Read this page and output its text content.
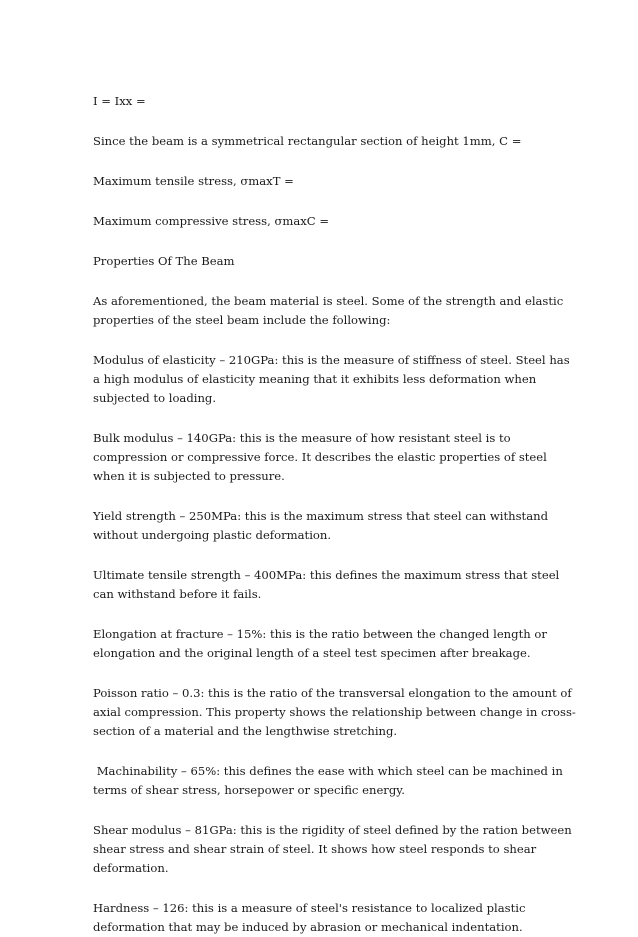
I = Ixx =

Since the beam is a symmetrical rectangular section of height 1mm, C =

Maximum tensile stress, σmaxT =

Maximum compressive stress, σmaxC =

Properties Of The Beam

As aforementioned, the beam material is steel. Some of the strength and elastic properties of the steel beam include the following:

Modulus of elasticity – 210GPa: this is the measure of stiffness of steel. Steel has a high modulus of elasticity meaning that it exhibits less deformation when subjected to loading.

Bulk modulus – 140GPa: this is the measure of how resistant steel is to compression or compressive force. It describes the elastic properties of steel when it is subjected to pressure.

Yield strength – 250MPa: this is the maximum stress that steel can withstand without undergoing plastic deformation.

Ultimate tensile strength – 400MPa: this defines the maximum stress that steel can withstand before it fails.

Elongation at fracture – 15%: this is the ratio between the changed length or elongation and the original length of a steel test specimen after breakage.

Poisson ratio – 0.3: this is the ratio of the transversal elongation to the amount of axial compression. This property shows the relationship between change in cross-section of a material and the lengthwise stretching.

Machinability – 65%: this defines the ease with which steel can be machined in terms of shear stress, horsepower or specific energy.

Shear modulus – 81GPa: this is the rigidity of steel defined by the ration between shear stress and shear strain of steel. It shows how steel responds to shear deformation.

Hardness – 126: this is a measure of steel's resistance to localized plastic deformation that may be induced by abrasion or mechanical indentation.
